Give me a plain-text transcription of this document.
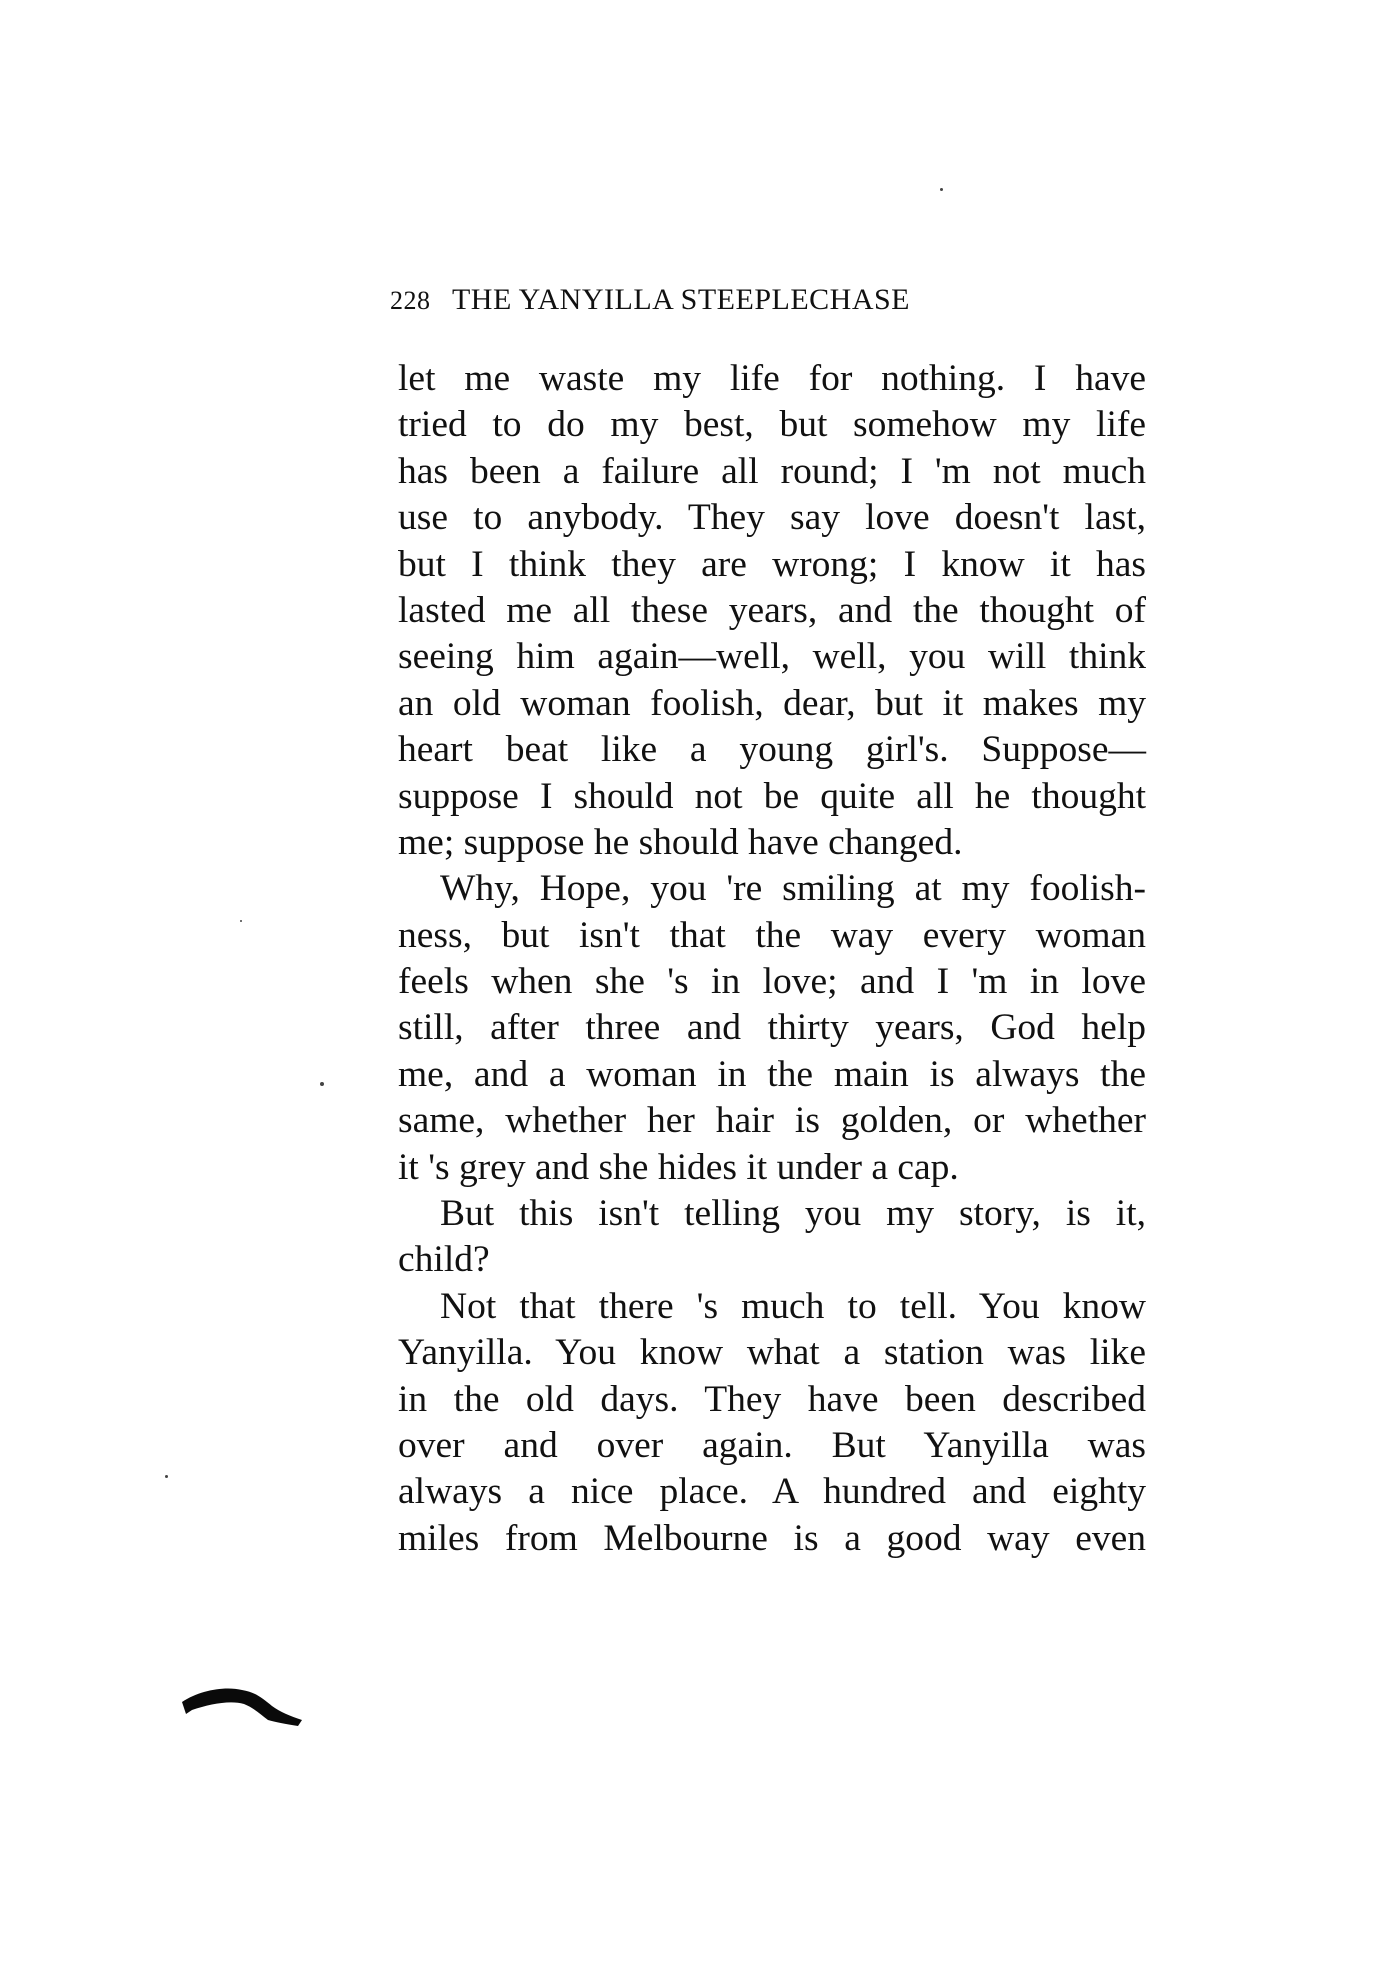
228 THE YANYILLA STEEPLECHASE
let me waste my life for nothing. I have
tried to do my best, but somehow my life
has been a failure all round; I 'm not much
use to anybody. They say love doesn't last,
but I think they are wrong; I know it has
lasted me all these years, and the thought of
seeing him again—well, well, you will think
an old woman foolish, dear, but it makes my
heart beat like a young girl's. Suppose—
suppose I should not be quite all he thought
me; suppose he should have changed.
Why, Hope, you 're smiling at my foolish-
ness, but isn't that the way every woman
feels when she 's in love; and I 'm in love
still, after three and thirty years, God help
me, and a woman in the main is always the
same, whether her hair is golden, or whether
it 's grey and she hides it under a cap.
But this isn't telling you my story, is it,
child?
Not that there 's much to tell. You know
Yanyilla. You know what a station was like
in the old days. They have been described
over and over again. But Yanyilla was
always a nice place. A hundred and eighty
miles from Melbourne is a good way even
